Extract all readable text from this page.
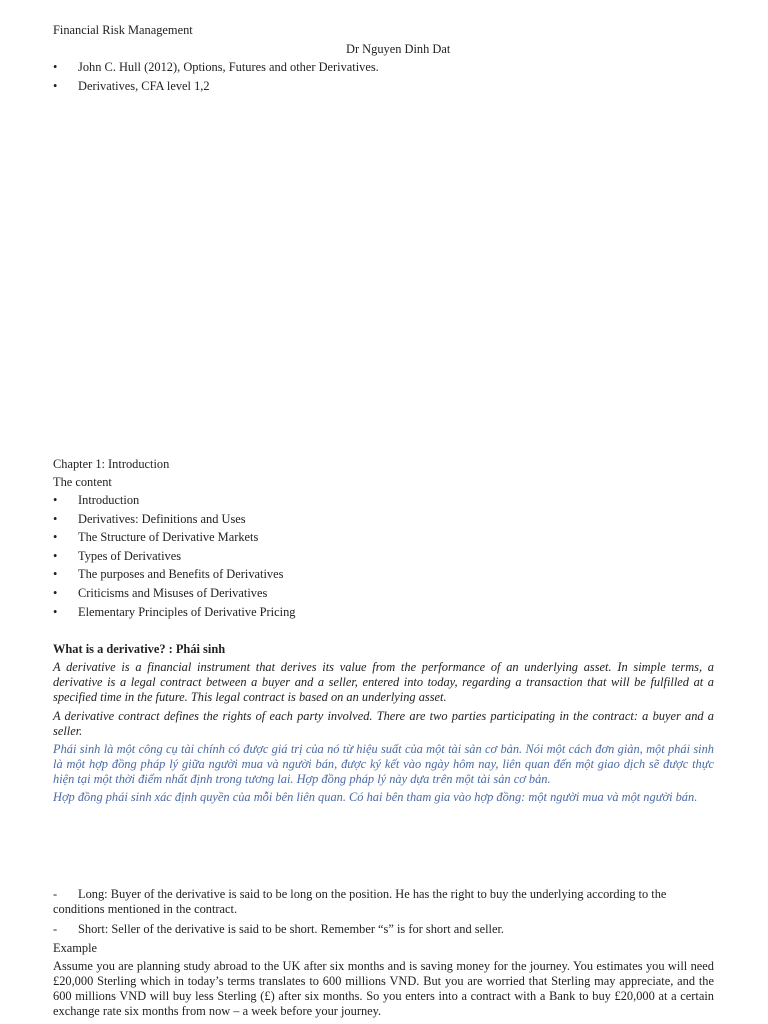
Financial Risk Management
Dr Nguyen Dinh Dat
• John C. Hull (2012), Options, Futures and other Derivatives.
• Derivatives, CFA level 1,2
Chapter 1: Introduction
The content
• Introduction
• Derivatives: Definitions and Uses
• The Structure of Derivative Markets
• Types of Derivatives
• The purposes and Benefits of Derivatives
• Criticisms and Misuses of Derivatives
• Elementary Principles of Derivative Pricing
What is a derivative? : Phái sinh

A derivative is a financial instrument that derives its value from the performance of an underlying asset. In simple terms, a derivative is a legal contract between a buyer and a seller, entered into today, regarding a transaction that will be fulfilled at a specified time in the future. This legal contract is based on an underlying asset.

A derivative contract defines the rights of each party involved. There are two parties participating in the contract: a buyer and a seller.

Phái sinh là một công cụ tài chính có được giá trị của nó từ hiệu suất của một tài sản cơ bản. Nói một cách đơn giản, một phái sinh là một hợp đồng pháp lý giữa người mua và người bán, được ký kết vào ngày hôm nay, liên quan đến một giao dịch sẽ được thực hiện tại một thời điểm nhất định trong tương lai. Hợp đồng pháp lý này dựa trên một tài sản cơ bản.

Hợp đồng phái sinh xác định quyền của mỗi bên liên quan. Có hai bên tham gia vào hợp đồng: một người mua và một người bán.

-	Long: Buyer of the derivative is said to be long on the position. He has the right to buy the underlying according to the
conditions mentioned in the contract.
-	Short: Seller of the derivative is said to be short. Remember “s” is for short and seller.
Example

Assume you are planning study abroad to the UK after six months and is saving money for the journey. You estimates you will need £20,000 Sterling which in today’s terms translates to 600 millions VND. But you are worried that Sterling may appreciate, and the 600 millions VND will buy less Sterling (£) after six months. So you enters into a contract with a Bank to buy £20,000 at a certain exchange rate six months from now – a week before your journey.
